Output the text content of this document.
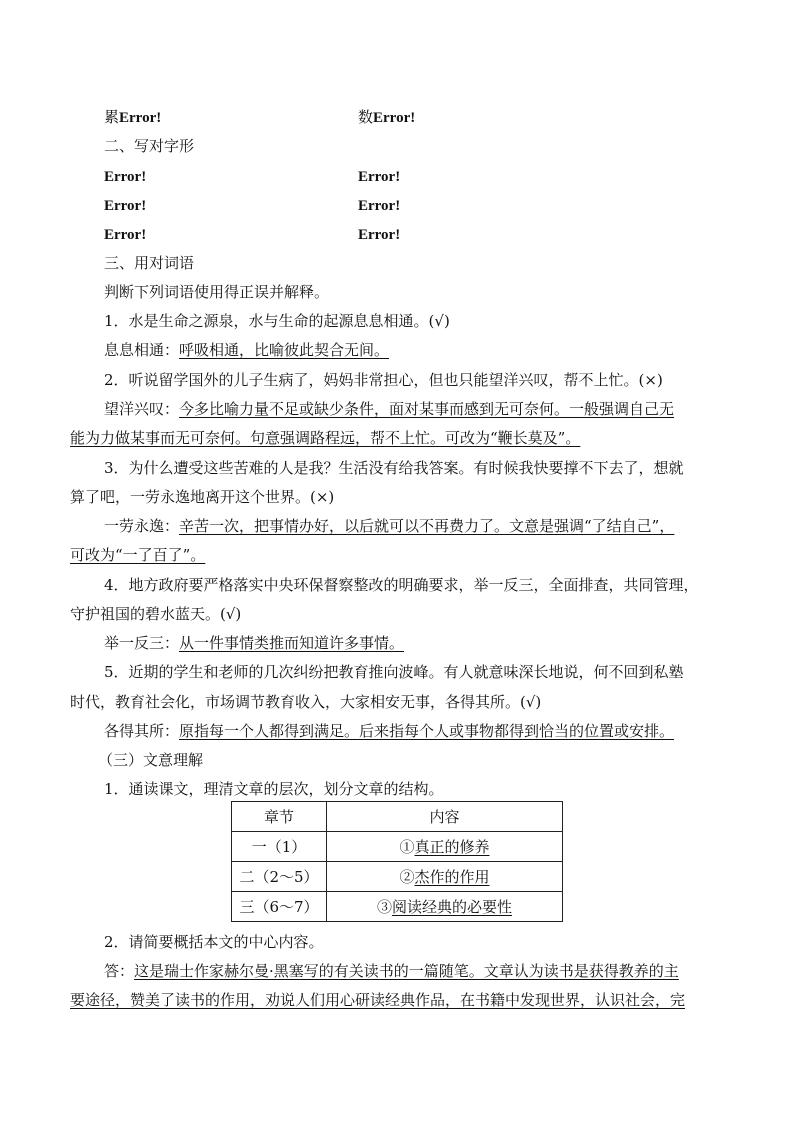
累Error!	数Error!
二、写对字形
Error!	Error!
Error!	Error!
Error!	Error!
三、用对词语
判断下列词语使用得正误并解释。
1．水是生命之源泉，水与生命的起源息息相通。(√)
息息相通：呼吸相通，比喻彼此契合无间。
2．听说留学国外的儿子生病了，妈妈非常担心，但也只能望洋兴叹，帮不上忙。(×)
望洋兴叹：今多比喻力量不足或缺少条件，面对某事而感到无可奈何。一般强调自己无
能为力做某事而无可奈何。句意强调路程远，帮不上忙。可改为“鞭长莫及”。
3．为什么遭受这些苦难的人是我？生活没有给我答案。有时候我快要撑不下去了，想就
算了吧，一劳永逸地离开这个世界。(×)
一劳永逸：辛苦一次，把事情办好，以后就可以不再费力了。文意是强调“了结自己”，
可改为“一了百了”。
4．地方政府要严格落实中央环保督察整改的明确要求，举一反三，全面排查，共同管理，
守护祖国的碧水蓝天。(√)
举一反三：从一件事情类推而知道许多事情。
5．近期的学生和老师的几次纠纷把教育推向波峰。有人就意味深长地说，何不回到私塾
时代，教育社会化，市场调节教育收入，大家相安无事，各得其所。(√)
各得其所：原指每一个人都得到满足。后来指每个人或事物都得到恰当的位置或安排。
（三）文意理解
1．通读课文，理清文章的层次，划分文章的结构。
章节	内容
一（1）	①真正的修养
二（2～5）	②杰作的作用
三（6～7）	③阅读经典的必要性
2．请简要概括本文的中心内容。
答：这是瑞士作家赫尔曼·黑塞写的有关读书的一篇随笔。文章认为读书是获得教养的主
要途径，赞美了读书的作用，劝说人们用心研读经典作品，在书籍中发现世界，认识社会，完
